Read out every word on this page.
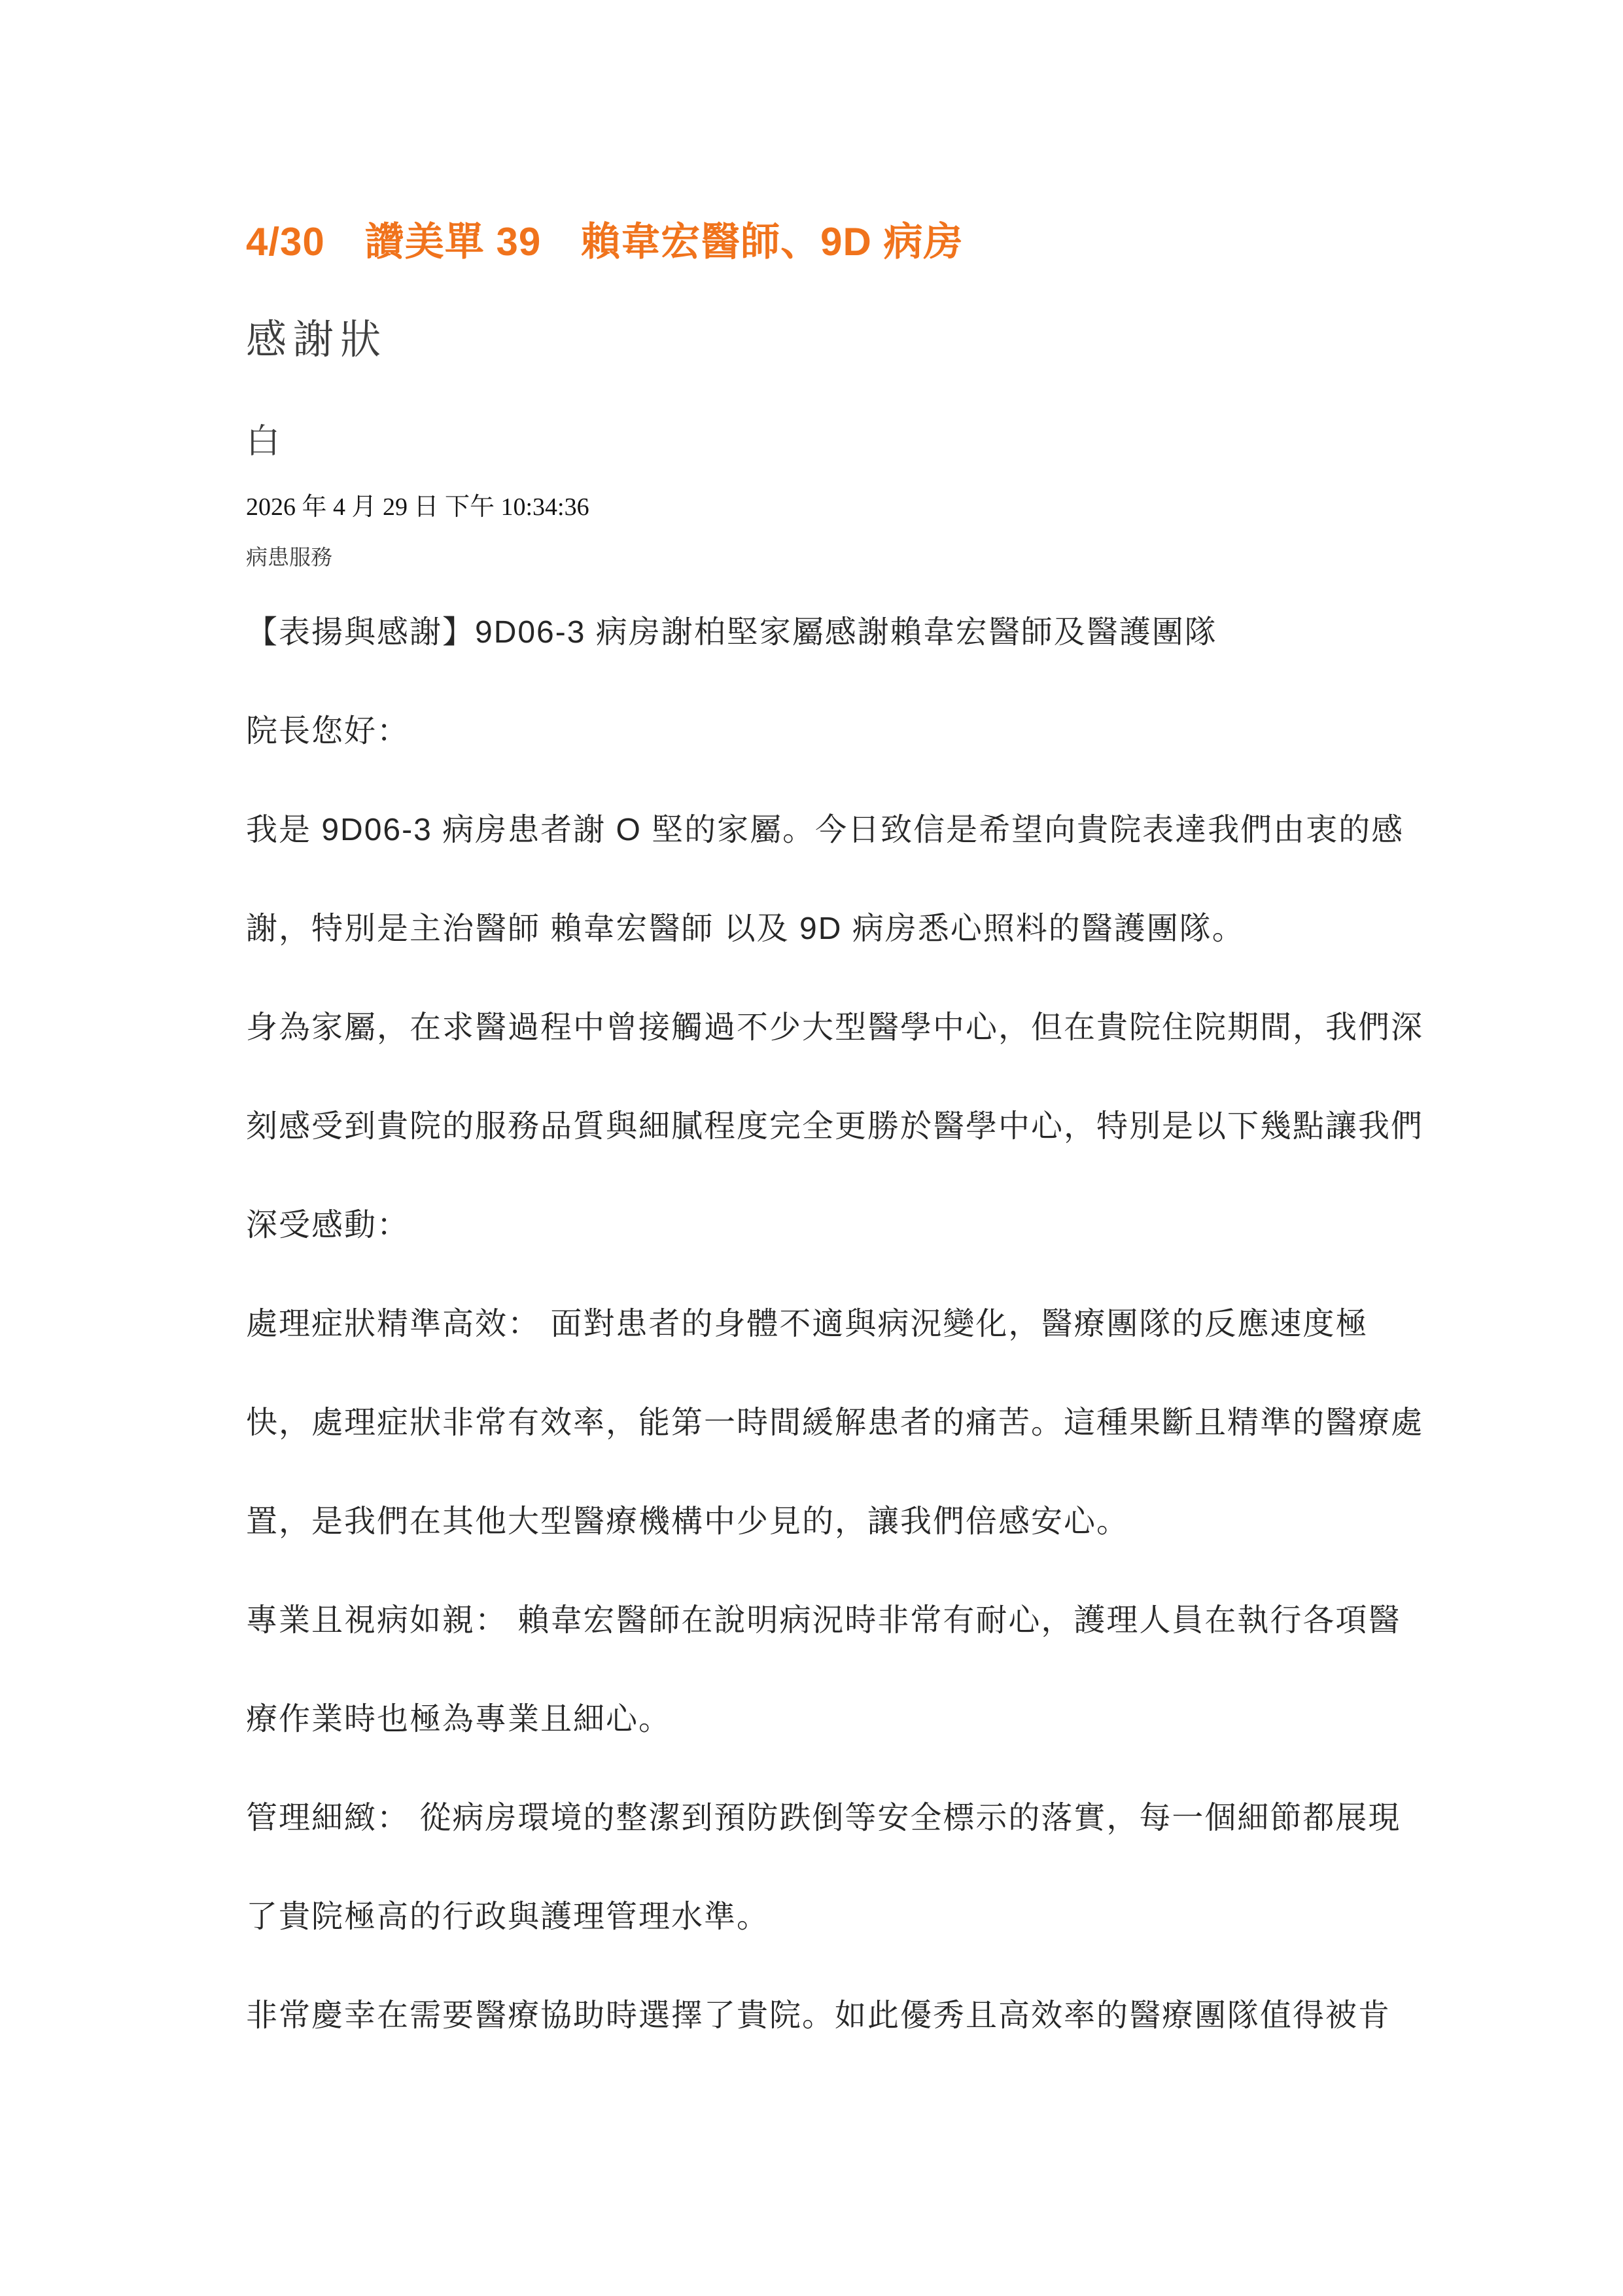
4/30　讚美單 39　賴韋宏醫師、9D 病房
感謝狀
白
2026 年 4 月 29 日 下午 10:34:36
病患服務
【表揚與感謝】9D06-3 病房謝柏堅家屬感謝賴韋宏醫師及醫護團隊
院長您好：
我是 9D06-3 病房患者謝 O 堅的家屬。今日致信是希望向貴院表達我們由衷的感
謝，特別是主治醫師 賴韋宏醫師 以及 9D 病房悉心照料的醫護團隊。
身為家屬，在求醫過程中曾接觸過不少大型醫學中心，但在貴院住院期間，我們深
刻感受到貴院的服務品質與細膩程度完全更勝於醫學中心，特別是以下幾點讓我們
深受感動：
處理症狀精準高效： 面對患者的身體不適與病況變化，醫療團隊的反應速度極
快，處理症狀非常有效率，能第一時間緩解患者的痛苦。這種果斷且精準的醫療處
置，是我們在其他大型醫療機構中少見的，讓我們倍感安心。
專業且視病如親： 賴韋宏醫師在說明病況時非常有耐心，護理人員在執行各項醫
療作業時也極為專業且細心。
管理細緻： 從病房環境的整潔到預防跌倒等安全標示的落實，每一個細節都展現
了貴院極高的行政與護理管理水準。
非常慶幸在需要醫療協助時選擇了貴院。如此優秀且高效率的醫療團隊值得被肯
